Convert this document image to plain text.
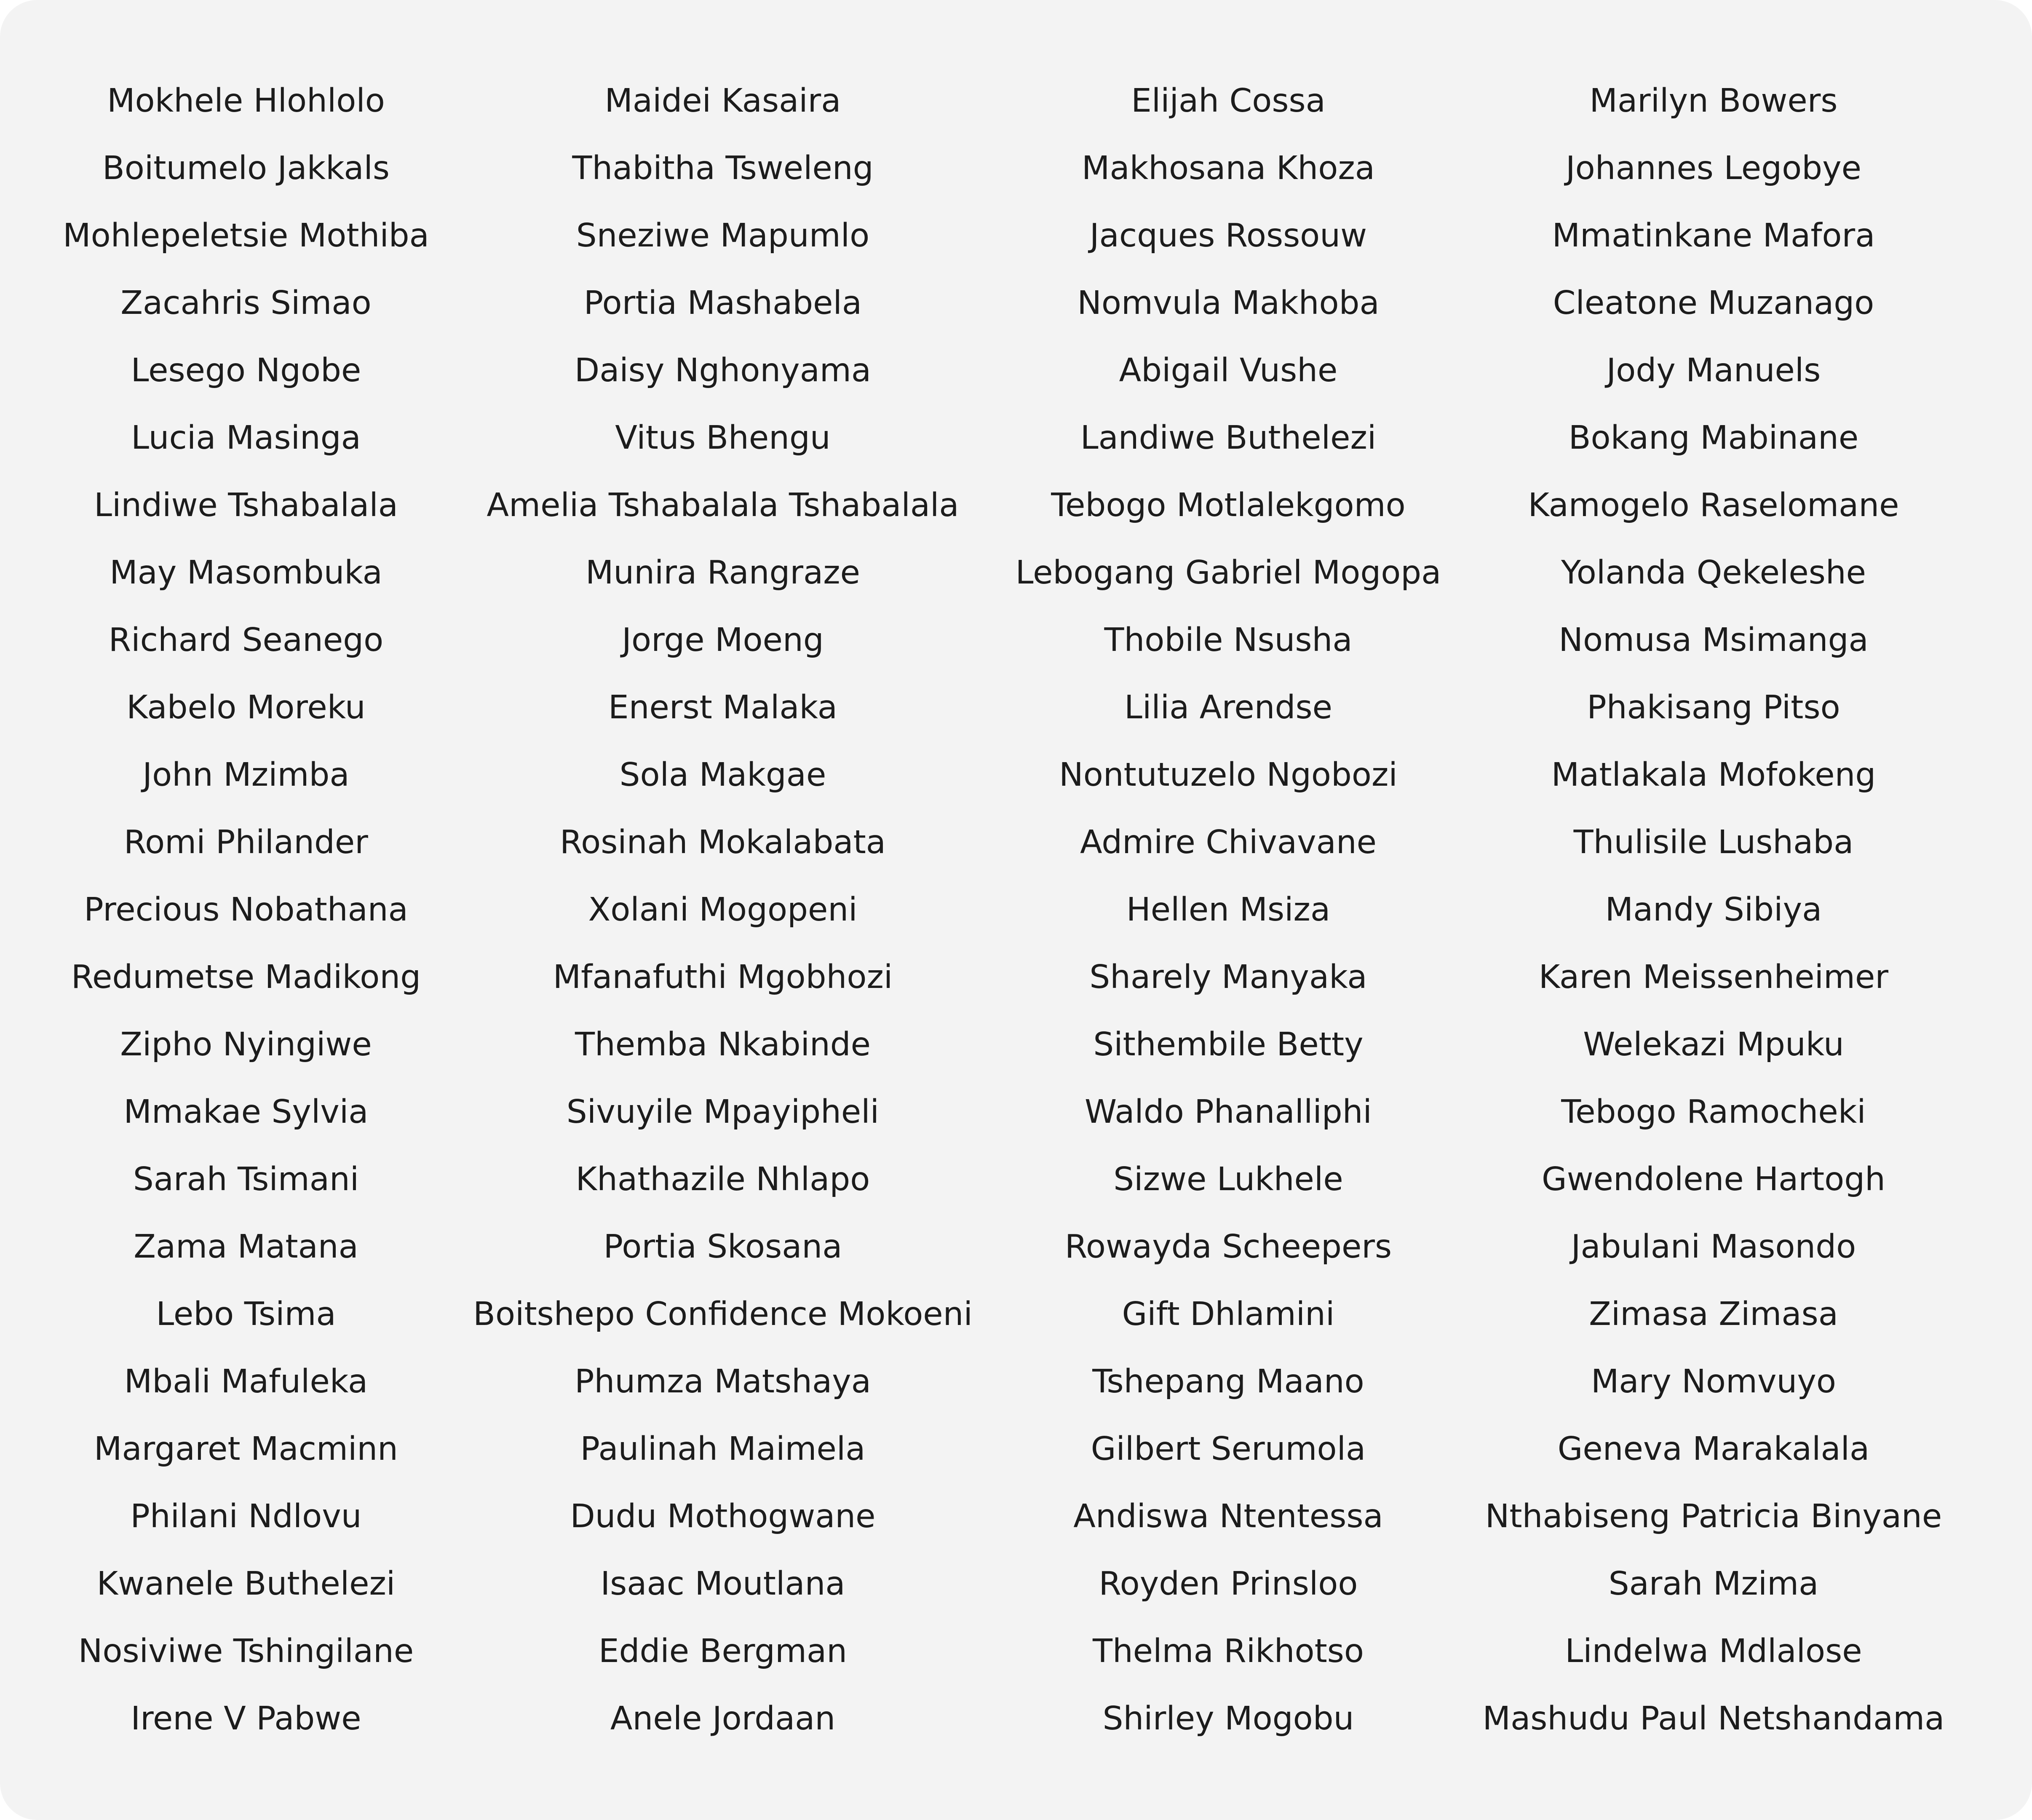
Mokhele Hlohlolo
Boitumelo Jakkals
Mohlepeletsie Mothiba
Zacahris Simao
Lesego Ngobe
Lucia Masinga
Lindiwe Tshabalala
May Masombuka
Richard Seanego
Kabelo Moreku
John Mzimba
Romi Philander
Precious Nobathana
Redumetse Madikong
Zipho Nyingiwe
Mmakae Sylvia
Sarah Tsimani
Zama Matana
Lebo Tsima
Mbali Mafuleka
Margaret Macminn
Philani Ndlovu
Kwanele Buthelezi
Nosiviwe Tshingilane
Irene V Pabwe
Maidei Kasaira
Thabitha Tsweleng
Sneziwe Mapumlo
Portia Mashabela
Daisy Nghonyama
Vitus Bhengu
Amelia Tshabalala Tshabalala
Munira Rangraze
Jorge Moeng
Enerst Malaka
Sola Makgae
Rosinah Mokalabata
Xolani Mogopeni
Mfanafuthi Mgobhozi
Themba Nkabinde
Sivuyile Mpayipheli
Khathazile Nhlapo
Portia Skosana
Boitshepo Confidence Mokoeni
Phumza Matshaya
Paulinah Maimela
Dudu Mothogwane
Isaac Moutlana
Eddie Bergman
Anele Jordaan
Elijah Cossa
Makhosana Khoza
Jacques Rossouw
Nomvula Makhoba
Abigail Vushe
Landiwe Buthelezi
Tebogo Motlalekgomo
Lebogang Gabriel Mogopa
Thobile Nsusha
Lilia Arendse
Nontutuzelo Ngobozi
Admire Chivavane
Hellen Msiza
Sharely Manyaka
Sithembile Betty
Waldo Phanalliphi
Sizwe Lukhele
Rowayda Scheepers
Gift Dhlamini
Tshepang Maano
Gilbert Serumola
Andiswa Ntentessa
Royden Prinsloo
Thelma Rikhotso
Shirley Mogobu
Marilyn Bowers
Johannes Legobye
Mmatinkane Mafora
Cleatone Muzanago
Jody Manuels
Bokang Mabinane
Kamogelo Raselomane
Yolanda Qekeleshe
Nomusa Msimanga
Phakisang Pitso
Matlakala Mofokeng
Thulisile Lushaba
Mandy Sibiya
Karen Meissenheimer
Welekazi Mpuku
Tebogo Ramocheki
Gwendolene Hartogh
Jabulani Masondo
Zimasa Zimasa
Mary Nomvuyo
Geneva Marakalala
Nthabiseng Patricia Binyane
Sarah Mzima
Lindelwa Mdlalose
Mashudu Paul Netshandama
